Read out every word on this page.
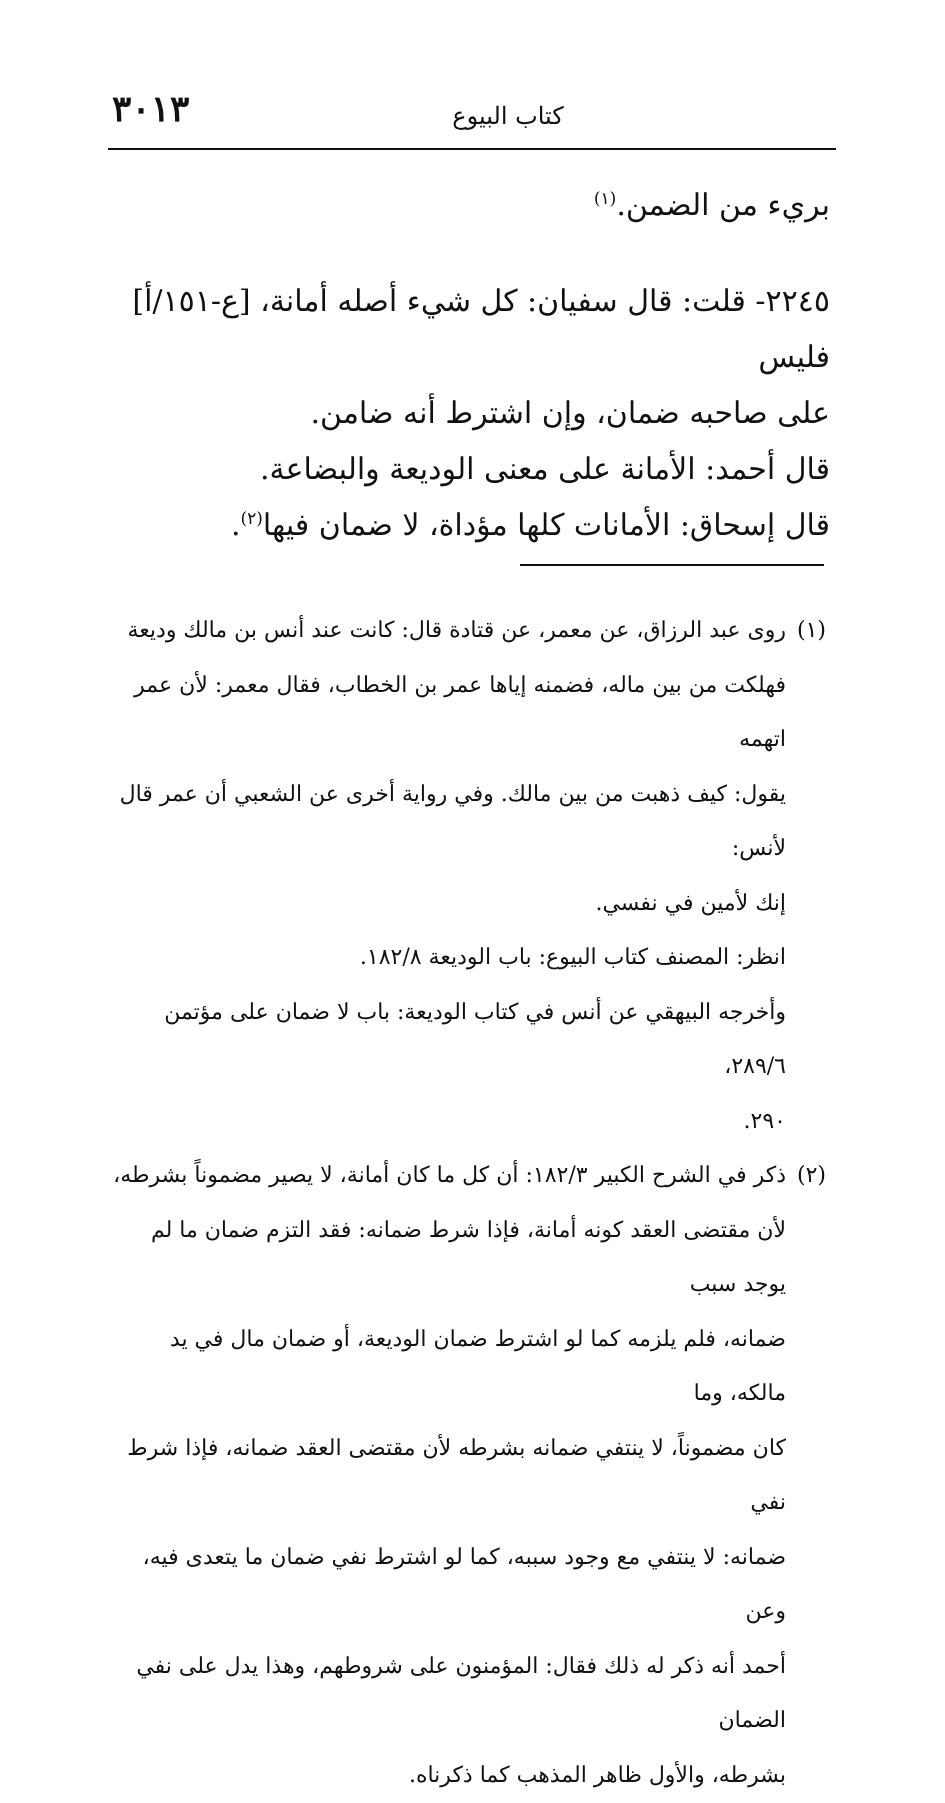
٣٠١٣	كتاب البيوع

بريء من الضمن.$^{(١)}$

٢٢٤٥- قلت: قال سفيان: كل شيء أصله أمانة، [ع-١٥١/أ] فليس

على صاحبه ضمان، وإن اشترط أنه ضامن.

قال أحمد: الأمانة على معنى الوديعة والبضاعة.

قال إسحاق: الأمانات كلها مؤداة، لا ضمان فيها$^{(٢)}$.

(١)
روى عبد الرزاق، عن معمر، عن قتادة قال: كانت عند أنس بن مالك وديعة

فهلكت من بين ماله، فضمنه إياها عمر بن الخطاب، فقال معمر: لأن عمر اتهمه

يقول: كيف ذهبت من بين مالك. وفي رواية أخرى عن الشعبي أن عمر قال لأنس:

إنك لأمين في نفسي.

انظر: المصنف كتاب البيوع: باب الوديعة ١٨٢/٨.

وأخرجه البيهقي عن أنس في كتاب الوديعة: باب لا ضمان على مؤتمن ٢٨٩/٦،

٢٩٠.

(٢)
ذكر في الشرح الكبير ١٨٢/٣: أن كل ما كان أمانة، لا يصير مضموناً بشرطه،

لأن مقتضى العقد كونه أمانة، فإذا شرط ضمانه: فقد التزم ضمان ما لم يوجد سبب

ضمانه، فلم يلزمه كما لو اشترط ضمان الوديعة، أو ضمان مال في يد مالكه، وما

كان مضموناً، لا ينتفي ضمانه بشرطه لأن مقتضى العقد ضمانه، فإذا شرط نفي

ضمانه: لا ينتفي مع وجود سببه، كما لو اشترط نفي ضمان ما يتعدى فيه، وعن

أحمد أنه ذكر له ذلك فقال: المؤمنون على شروطهم، وهذا يدل على نفي الضمان

بشرطه، والأول ظاهر المذهب كما ذكرناه.
